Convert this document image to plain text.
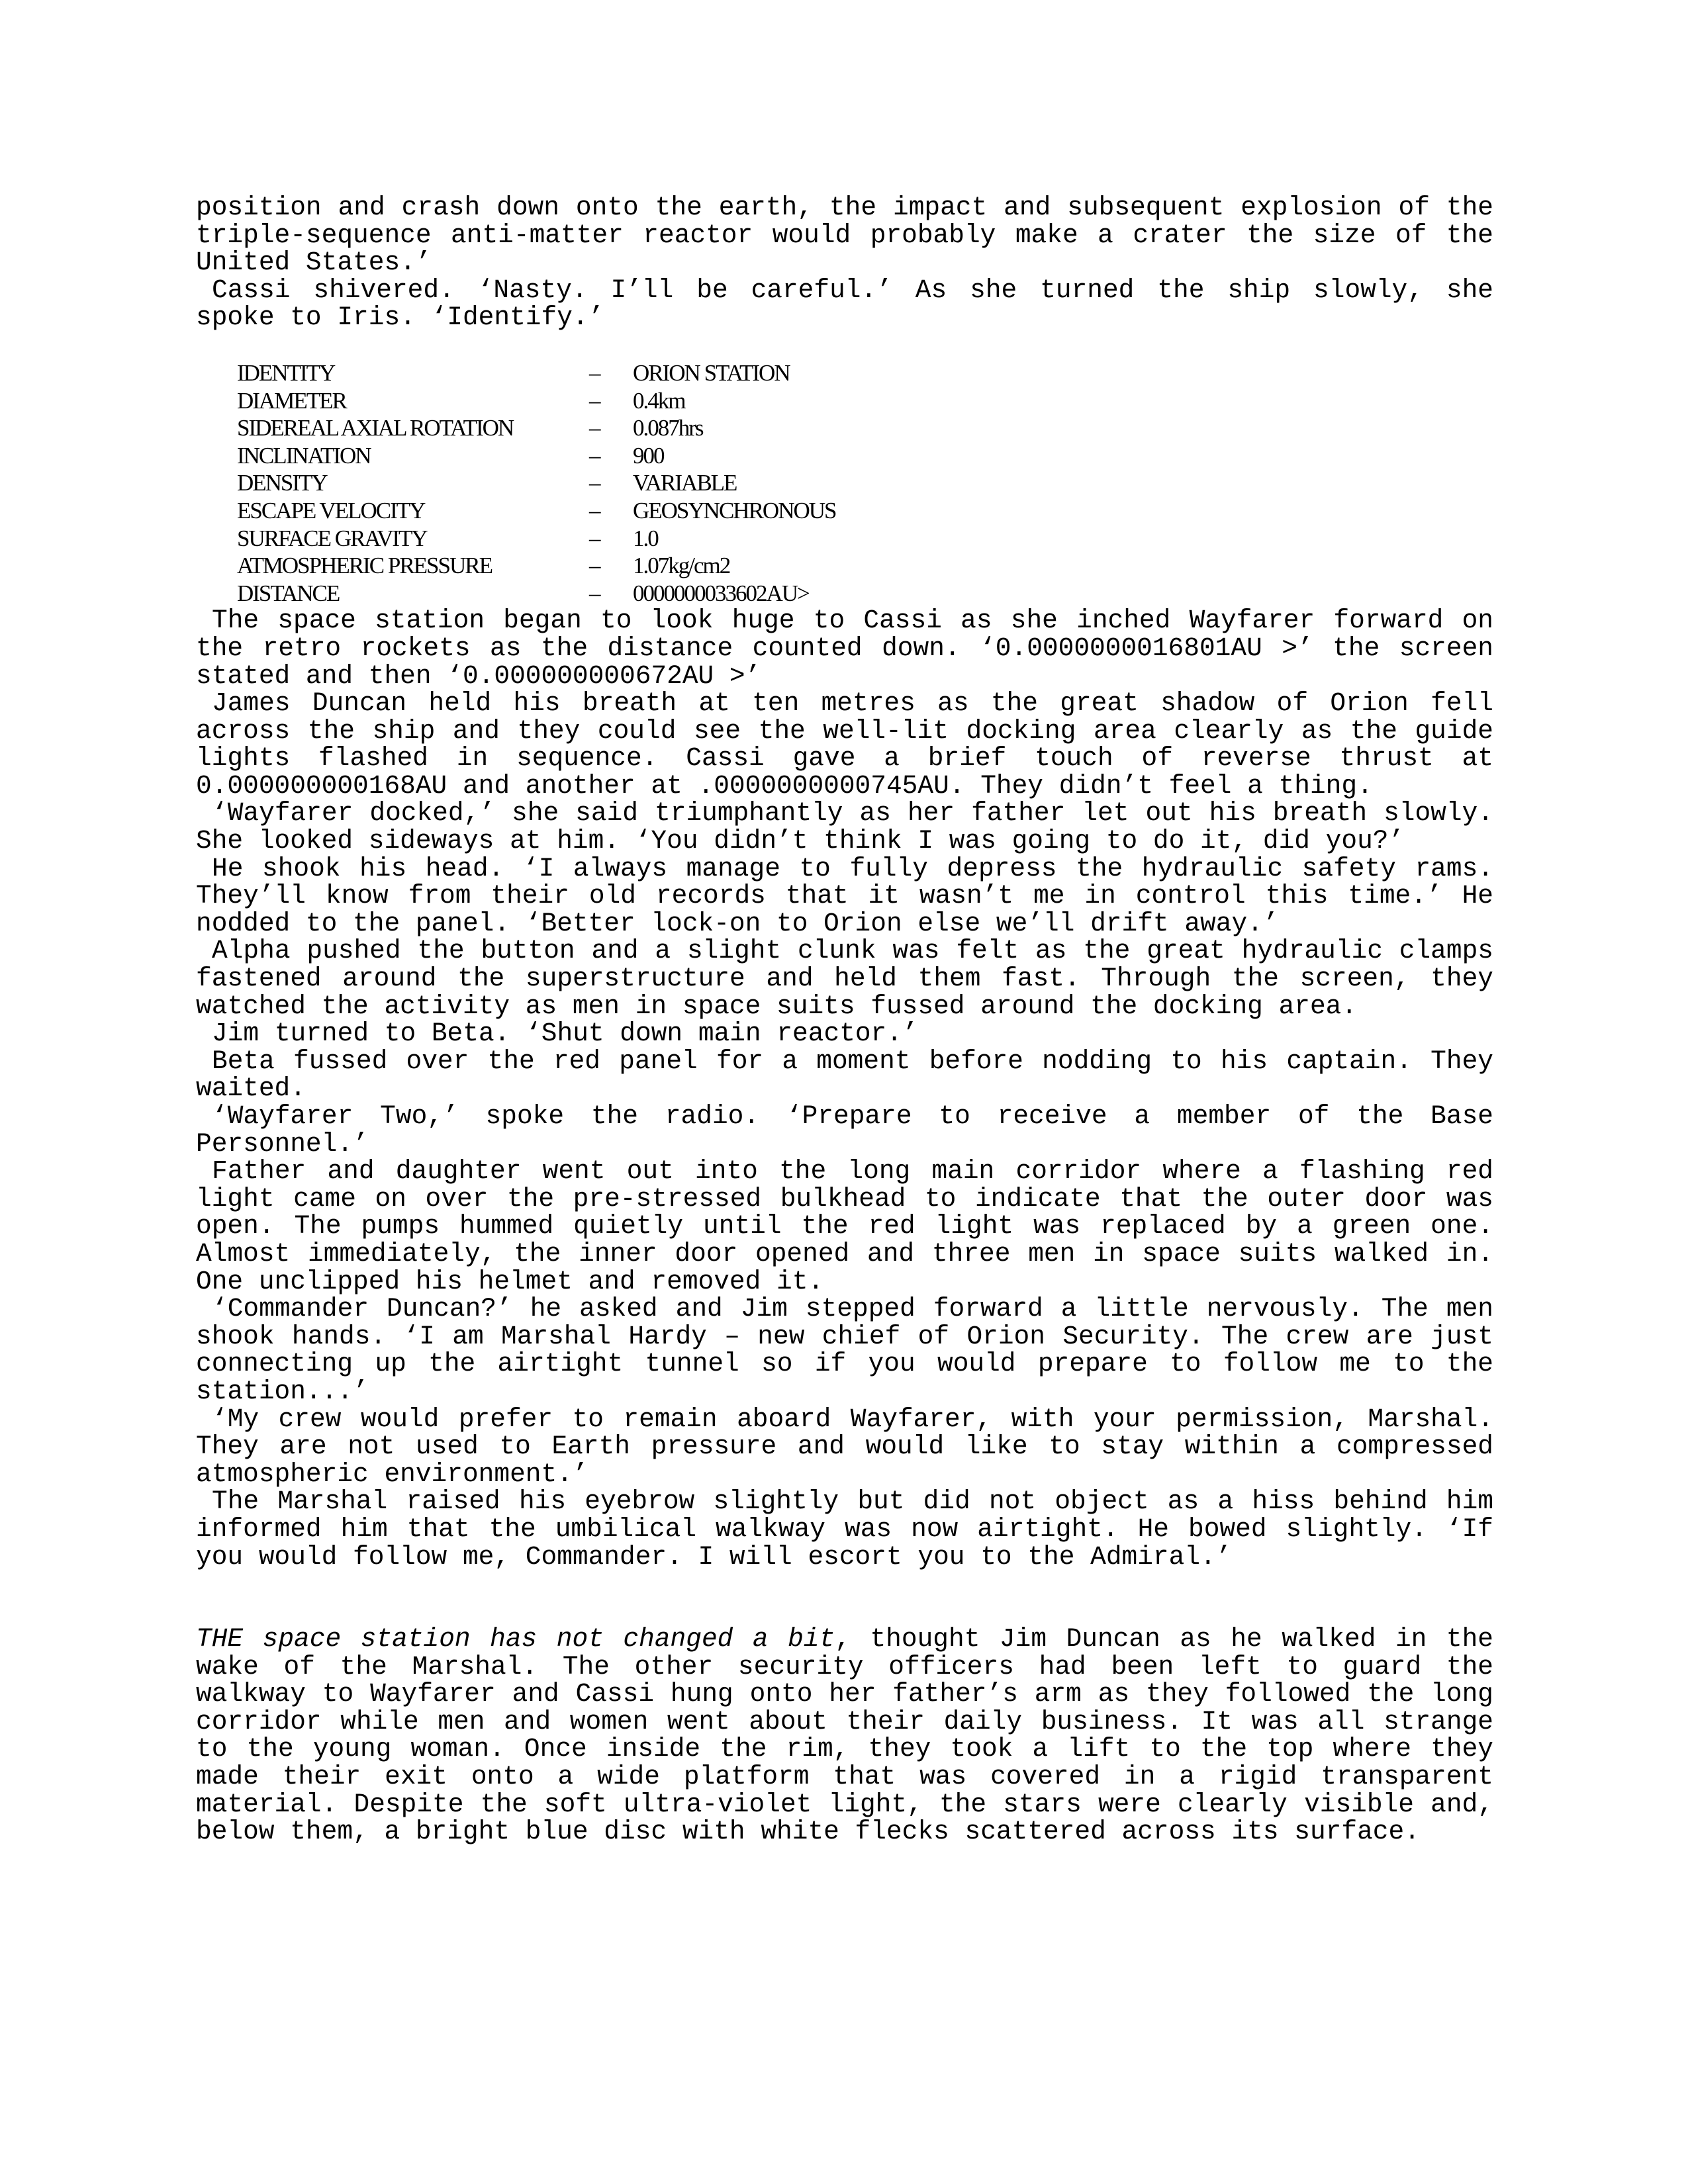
position and crash down onto the earth, the impact and subsequent explosion of the triple-sequence anti-matter reactor would probably make a crater the size of the United States.’

Cassi shivered. ‘Nasty. I’ll be careful.’ As she turned the ship slowly, she spoke to Iris. ‘Identify.’

IDENTITY	–	ORION STATION
DIAMETER	–	0.4km
SIDEREAL AXIAL ROTATION	–	0.087hrs
INCLINATION	–	900
DENSITY	–	VARIABLE
ESCAPE VELOCITY	–	GEOSYNCHRONOUS
SURFACE GRAVITY	–	1.0
ATMOSPHERIC PRESSURE	–	1.07kg/cm2
DISTANCE	–	0000000033602AU>

The space station began to look huge to Cassi as she inched Wayfarer forward on the retro rockets as the distance counted down. ‘0.0000000016801AU >’ the screen stated and then ‘0.000000000672AU >’

James Duncan held his breath at ten metres as the great shadow of Orion fell across the ship and they could see the well-lit docking area clearly as the guide lights flashed in sequence. Cassi gave a brief touch of reverse thrust at 0.000000000168AU and another at .0000000000745AU. They didn’t feel a thing.

‘Wayfarer docked,’ she said triumphantly as her father let out his breath slowly. She looked sideways at him. ‘You didn’t think I was going to do it, did you?’

He shook his head. ‘I always manage to fully depress the hydraulic safety rams. They’ll know from their old records that it wasn’t me in control this time.’ He nodded to the panel. ‘Better lock-on to Orion else we’ll drift away.’

Alpha pushed the button and a slight clunk was felt as the great hydraulic clamps fastened around the superstructure and held them fast. Through the screen, they watched the activity as men in space suits fussed around the docking area.

Jim turned to Beta. ‘Shut down main reactor.’

Beta fussed over the red panel for a moment before nodding to his captain. They waited.

‘Wayfarer Two,’ spoke the radio. ‘Prepare to receive a member of the Base Personnel.’

Father and daughter went out into the long main corridor where a flashing red light came on over the pre-stressed bulkhead to indicate that the outer door was open. The pumps hummed quietly until the red light was replaced by a green one. Almost immediately, the inner door opened and three men in space suits walked in. One unclipped his helmet and removed it.

‘Commander Duncan?’ he asked and Jim stepped forward a little nervously. The men shook hands. ‘I am Marshal Hardy – new chief of Orion Security. The crew are just connecting up the airtight tunnel so if you would prepare to follow me to the station...’

‘My crew would prefer to remain aboard Wayfarer, with your permission, Marshal. They are not used to Earth pressure and would like to stay within a compressed atmospheric environment.’

The Marshal raised his eyebrow slightly but did not object as a hiss behind him informed him that the umbilical walkway was now airtight. He bowed slightly. ‘If you would follow me, Commander. I will escort you to the Admiral.’

THE space station has not changed a bit, thought Jim Duncan as he walked in the wake of the Marshal. The other security officers had been left to guard the walkway to Wayfarer and Cassi hung onto her father’s arm as they followed the long corridor while men and women went about their daily business. It was all strange to the young woman. Once inside the rim, they took a lift to the top where they made their exit onto a wide platform that was covered in a rigid transparent material. Despite the soft ultra-violet light, the stars were clearly visible and, below them, a bright blue disc with white flecks scattered across its surface.
